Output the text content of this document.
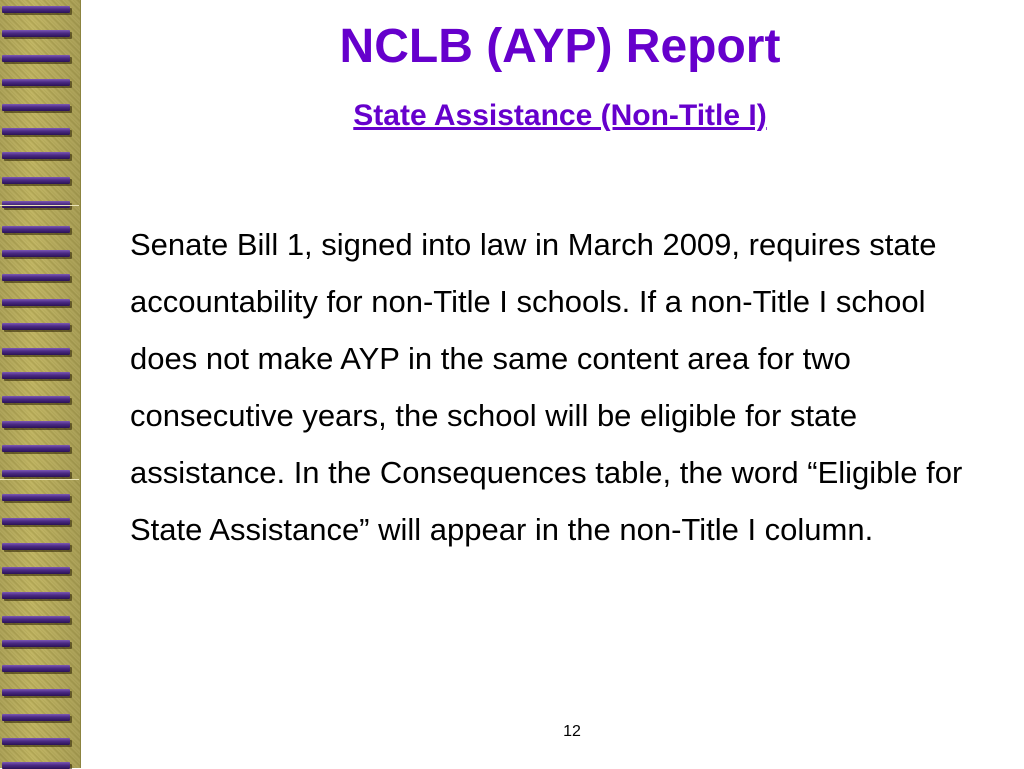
NCLB (AYP) Report
State Assistance (Non-Title I)

Senate Bill 1, signed into law in March 2009, requires state accountability for non-Title I schools. If a non-Title I school does not make AYP in the same content area for two consecutive years, the school will be eligible for state assistance. In the Consequences table, the word “Eligible for State Assistance” will appear in the non-Title I column.

12
